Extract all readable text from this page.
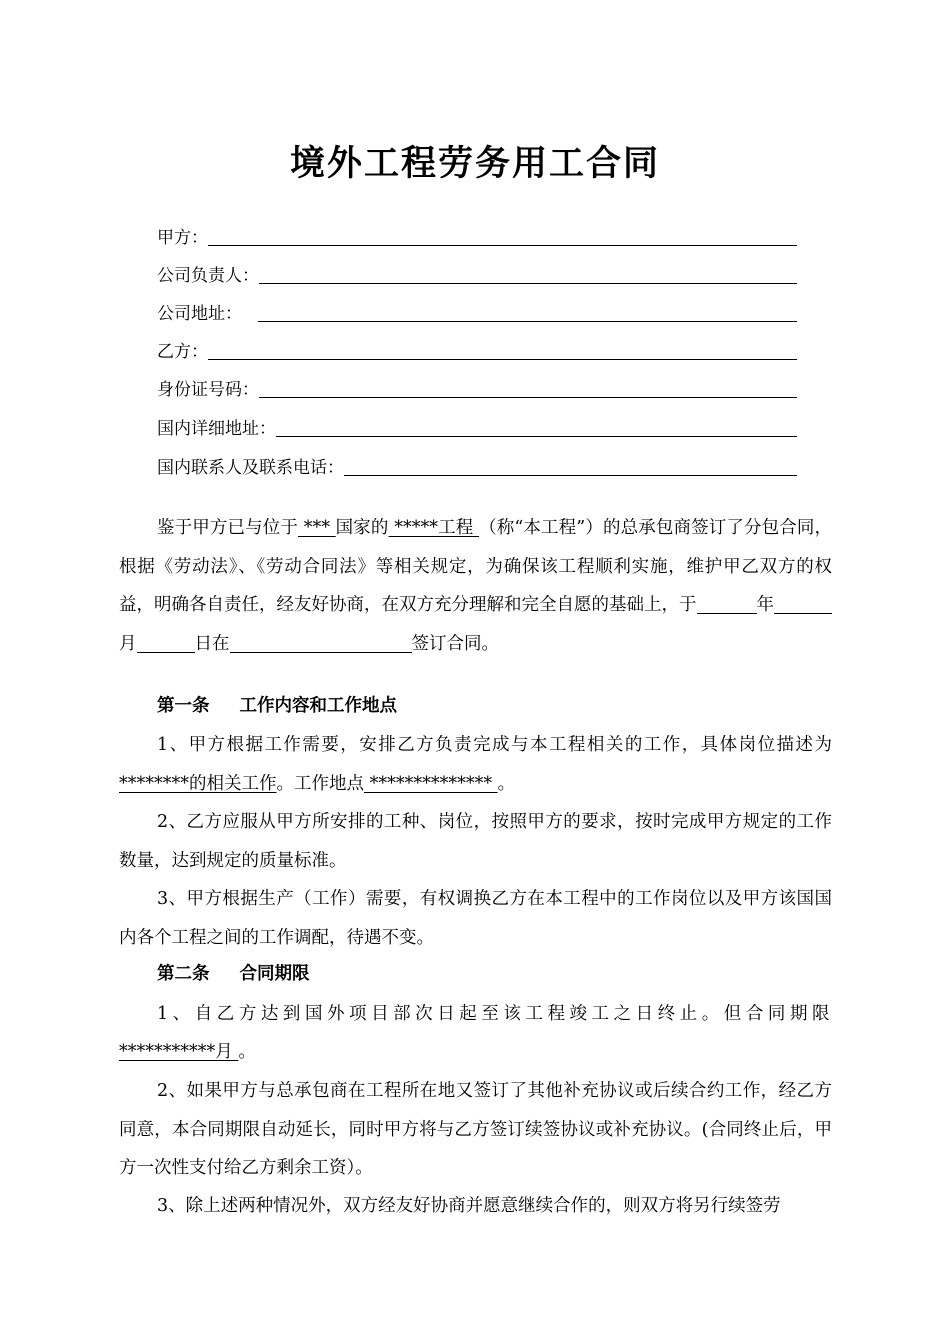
境外工程劳务用工合同
甲方：
公司负责人：
公司地址：
乙方：
身份证号码：
国内详细地址：
国内联系人及联系电话：
鉴于甲方已与位于 *** 国家的 *****工程 （称“本工程”）的总承包商签订了分包合同，根据《劳动法》、《劳动合同法》等相关规定，为确保该工程顺利实施，维护甲乙双方的权益，明确各自责任，经友好协商，在双方充分理解和完全自愿的基础上，于	年月	日在	签订合同。
第一条 工作内容和工作地点
1、甲方根据工作需要，安排乙方负责完成与本工程相关的工作，具体岗位描述为********的相关工作。工作地点 ************** 。
2、乙方应服从甲方所安排的工种、岗位，按照甲方的要求，按时完成甲方规定的工作数量，达到规定的质量标准。
3、甲方根据生产（工作）需要，有权调换乙方在本工程中的工作岗位以及甲方该国国内各个工程之间的工作调配，待遇不变。
第二条 合同期限
1、自乙方达到国外项目部次日起至该工程竣工之日终止。但合同期限
***********月 。
2、如果甲方与总承包商在工程所在地又签订了其他补充协议或后续合约工作，经乙方同意，本合同期限自动延长，同时甲方将与乙方签订续签协议或补充协议。(合同终止后，甲方一次性支付给乙方剩余工资）。
3、除上述两种情况外，双方经友好协商并愿意继续合作的，则双方将另行续签劳
